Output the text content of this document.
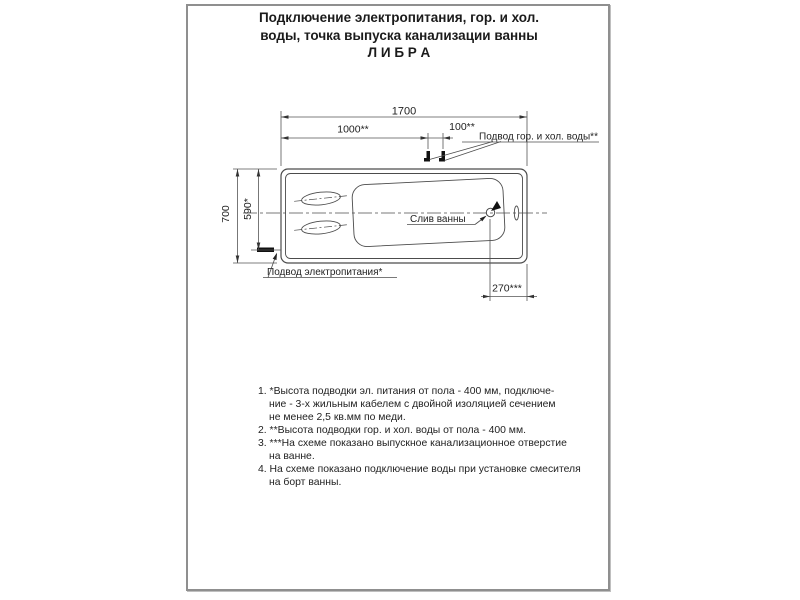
Подключение электропитания, гор. и хол.
воды, точка выпуска канализации ванны
Л И Б Р А
1700
1000**	100**
700 590*
270***
Подвод гор. и хол. воды**
Слив ванны
Подвод электропитания*
1. *Высота подводки эл. питания от пола - 400 мм, подключе-
ние - 3-х жильным кабелем с двойной изоляцией сечением
не менее 2,5 кв.мм по меди.
2. **Высота подводки гор. и хол. воды от пола - 400 мм.
3. ***На схеме показано выпускное канализационное отверстие
на ванне.
4. На схеме показано подключение воды при установке смесителя
на борт ванны.
